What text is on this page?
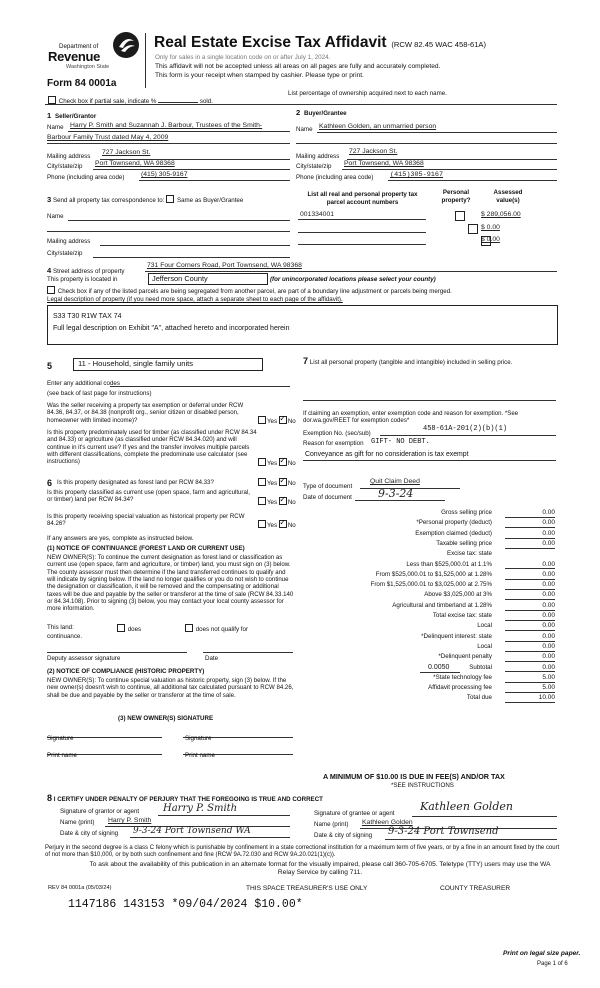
Department of
Revenue
Washington State
Form 84 0001a
Real Estate Excise Tax Affidavit (RCW 82.45 WAC 458-61A)
Only for sales in a single location code on or after July 1, 2024.
This affidavit will not be accepted unless all areas on all pages are fully and accurately completed.
This form is your receipt when stamped by cashier. Please type or print.
Check box if partial sale, indicate %	sold.
List percentage of ownership acquired next to each name.
1 Seller/Grantor
Name Harry P. Smith and Suzannah J. Barbour, Trustees of the Smith-
Barbour Family Trust dated May 4, 2009
Mailing address
727 Jackson St.
City/state/zip Port Townsend, WA 98368
Phone (including area code) (415) 305-9167
2 Buyer/Grantee
Name Kathleen Golden, an unmarried person
Mailing address
727 Jackson St.
City/state/zip Port Townsend, WA 98368
Phone (including area code) (415)305-9167
3 Send all property tax correspondence to: Same as Buyer/Grantee
Name
Mailing address
City/state/zip
List all real and personal property tax parcel account numbers
Personal property?
Assessed value(s)
001334001
	$ 289,056.00
$ 0.00
$ 0.00
4 Street address of property
731 Four Corners Road, Port Townsend, WA 98368
This property is located in	Jefferson County	(for unincorporated locations please select your county)
Check box if any of the listed parcels are being segregated from another parcel, are part of a boundary line adjustment or parcels being merged.
Legal description of property (if you need more space, attach a separate sheet to each page of the affidavit).
S33 T30 R1W TAX 74
Full legal description on Exhibit "A", attached hereto and incorporated herein
5	11 - Household, single family units
Enter any additional codes
(see back of last page for instructions)
Was the seller receiving a property tax exemption or deferral under RCW 84.36, 84.37, or 84.38 (nonprofit org., senior citizen or disabled person, homeowner with limited income)?	Yes ✓ No
Is this property predominately used for timber (as classified under RCW 84.34 and 84.33) or agriculture (as classified under RCW 84.34.020) and will continue in it's current use? If yes and the transfer involves multiple parcels with different classifications, complete the predominate use calculator (see instructions)	Yes ✓ No
6 Is this property designated as forest land per RCW 84.33?	Yes ✓ No
Is this property classified as current use (open space, farm and agricultural, or timber) land per RCW 84.34?	Yes ✓ No
Is this property receiving special valuation as historical property per RCW 84.26?	Yes ✓ No
If any answers are yes, complete as instructed below.
(1) NOTICE OF CONTINUANCE (FOREST LAND OR CURRENT USE)
NEW OWNER(S): To continue the current designation as forest land or classification as current use (open space, farm and agriculture, or timber) land, you must sign on (3) below. The county assessor must then determine if the land transferred continues to qualify and will indicate by signing below. If the land no longer qualifies or you do not wish to continue the designation or classification, it will be removed and the compensating or additional taxes will be due and payable by the seller or transferor at the time of sale (RCW 84.33.140 or 84.34.108). Prior to signing (3) below, you may contact your local county assessor for more information.
This land:
continuance.
does	does not qualify for
Deputy assessor signature	Date
(2) NOTICE OF COMPLIANCE (HISTORIC PROPERTY)
NEW OWNER(S): To continue special valuation as historic property, sign (3) below. If the new owner(s) doesn't wish to continue, all additional tax calculated pursuant to RCW 84.26, shall be due and payable by the seller or transferor at the time of sale.
(3) NEW OWNER(S) SIGNATURE
Signature	Signature
Print name	Print name
7 List all personal property (tangible and intangible) included in selling price.
If claiming an exemption, enter exemption code and reason for exemption. *See dor.wa.gov/REET for exemption codes*
Exemption No. (sec/sub)
458-61A-201(2)(b)(1)
Reason for exemption GIFT- NO DEBT.
Conveyance as gift for no consideration is tax exempt
Type of document
Quit Claim Deed
Date of document 9-3-24
Gross selling price	0.00
*Personal property (deduct)	0.00
Exemption claimed (deduct)	0.00
Taxable selling price	0.00
Excise tax: state
Less than $525,000.01 at 1.1%	0.00
From $525,000.01 to $1,525,000 at 1.28%	0.00
From $1,525,000.01 to $3,025,000 at 2.75%	0.00
Above $3,025,000 at 3%	0.00
Agricultural and timberland at 1.28%	0.00
Total excise tax: state	0.00
Local	0.00
*Delinquent interest: state	0.00
Local	0.00
*Delinquent penalty	0.00
Subtotal	0.00
*State technology fee	5.00
Affidavit processing fee	5.00
Total due	10.00
0.0050
A MINIMUM OF $10.00 IS DUE IN FEE(S) AND/OR TAX
*SEE INSTRUCTIONS
8 I CERTIFY UNDER PENALTY OF PERJURY THAT THE FOREGOING IS TRUE AND CORRECT
Signature of grantor or agent Harry P. Smith
Name (print) Harry P. Smith
Date & city of signing 9-3-24 Port Townsend WA
Signature of grantee or agent
Kathleen Golden
Name (print) Kathleen Golden
Date & city of signing 9-3-24 Port Townsend
Perjury in the second degree is a class C felony which is punishable by confinement in a state correctional institution for a maximum term of five years, or by a fine in an amount fixed by the court of not more than $10,000, or by both such confinement and fine (RCW 9A.72.030 and RCW 9A.20.021(1)(c)).
To ask about the availability of this publication in an alternate format for the visually impaired, please call 360-705-6705. Teletype (TTY) users may use the WA Relay Service by calling 711.
REV 84 0001a (05/03/24)	THIS SPACE TREASURER'S USE ONLY	COUNTY TREASURER
1147186 143153 *09/04/2024 $10.00*
Print on legal size paper.
Page 1 of 6
